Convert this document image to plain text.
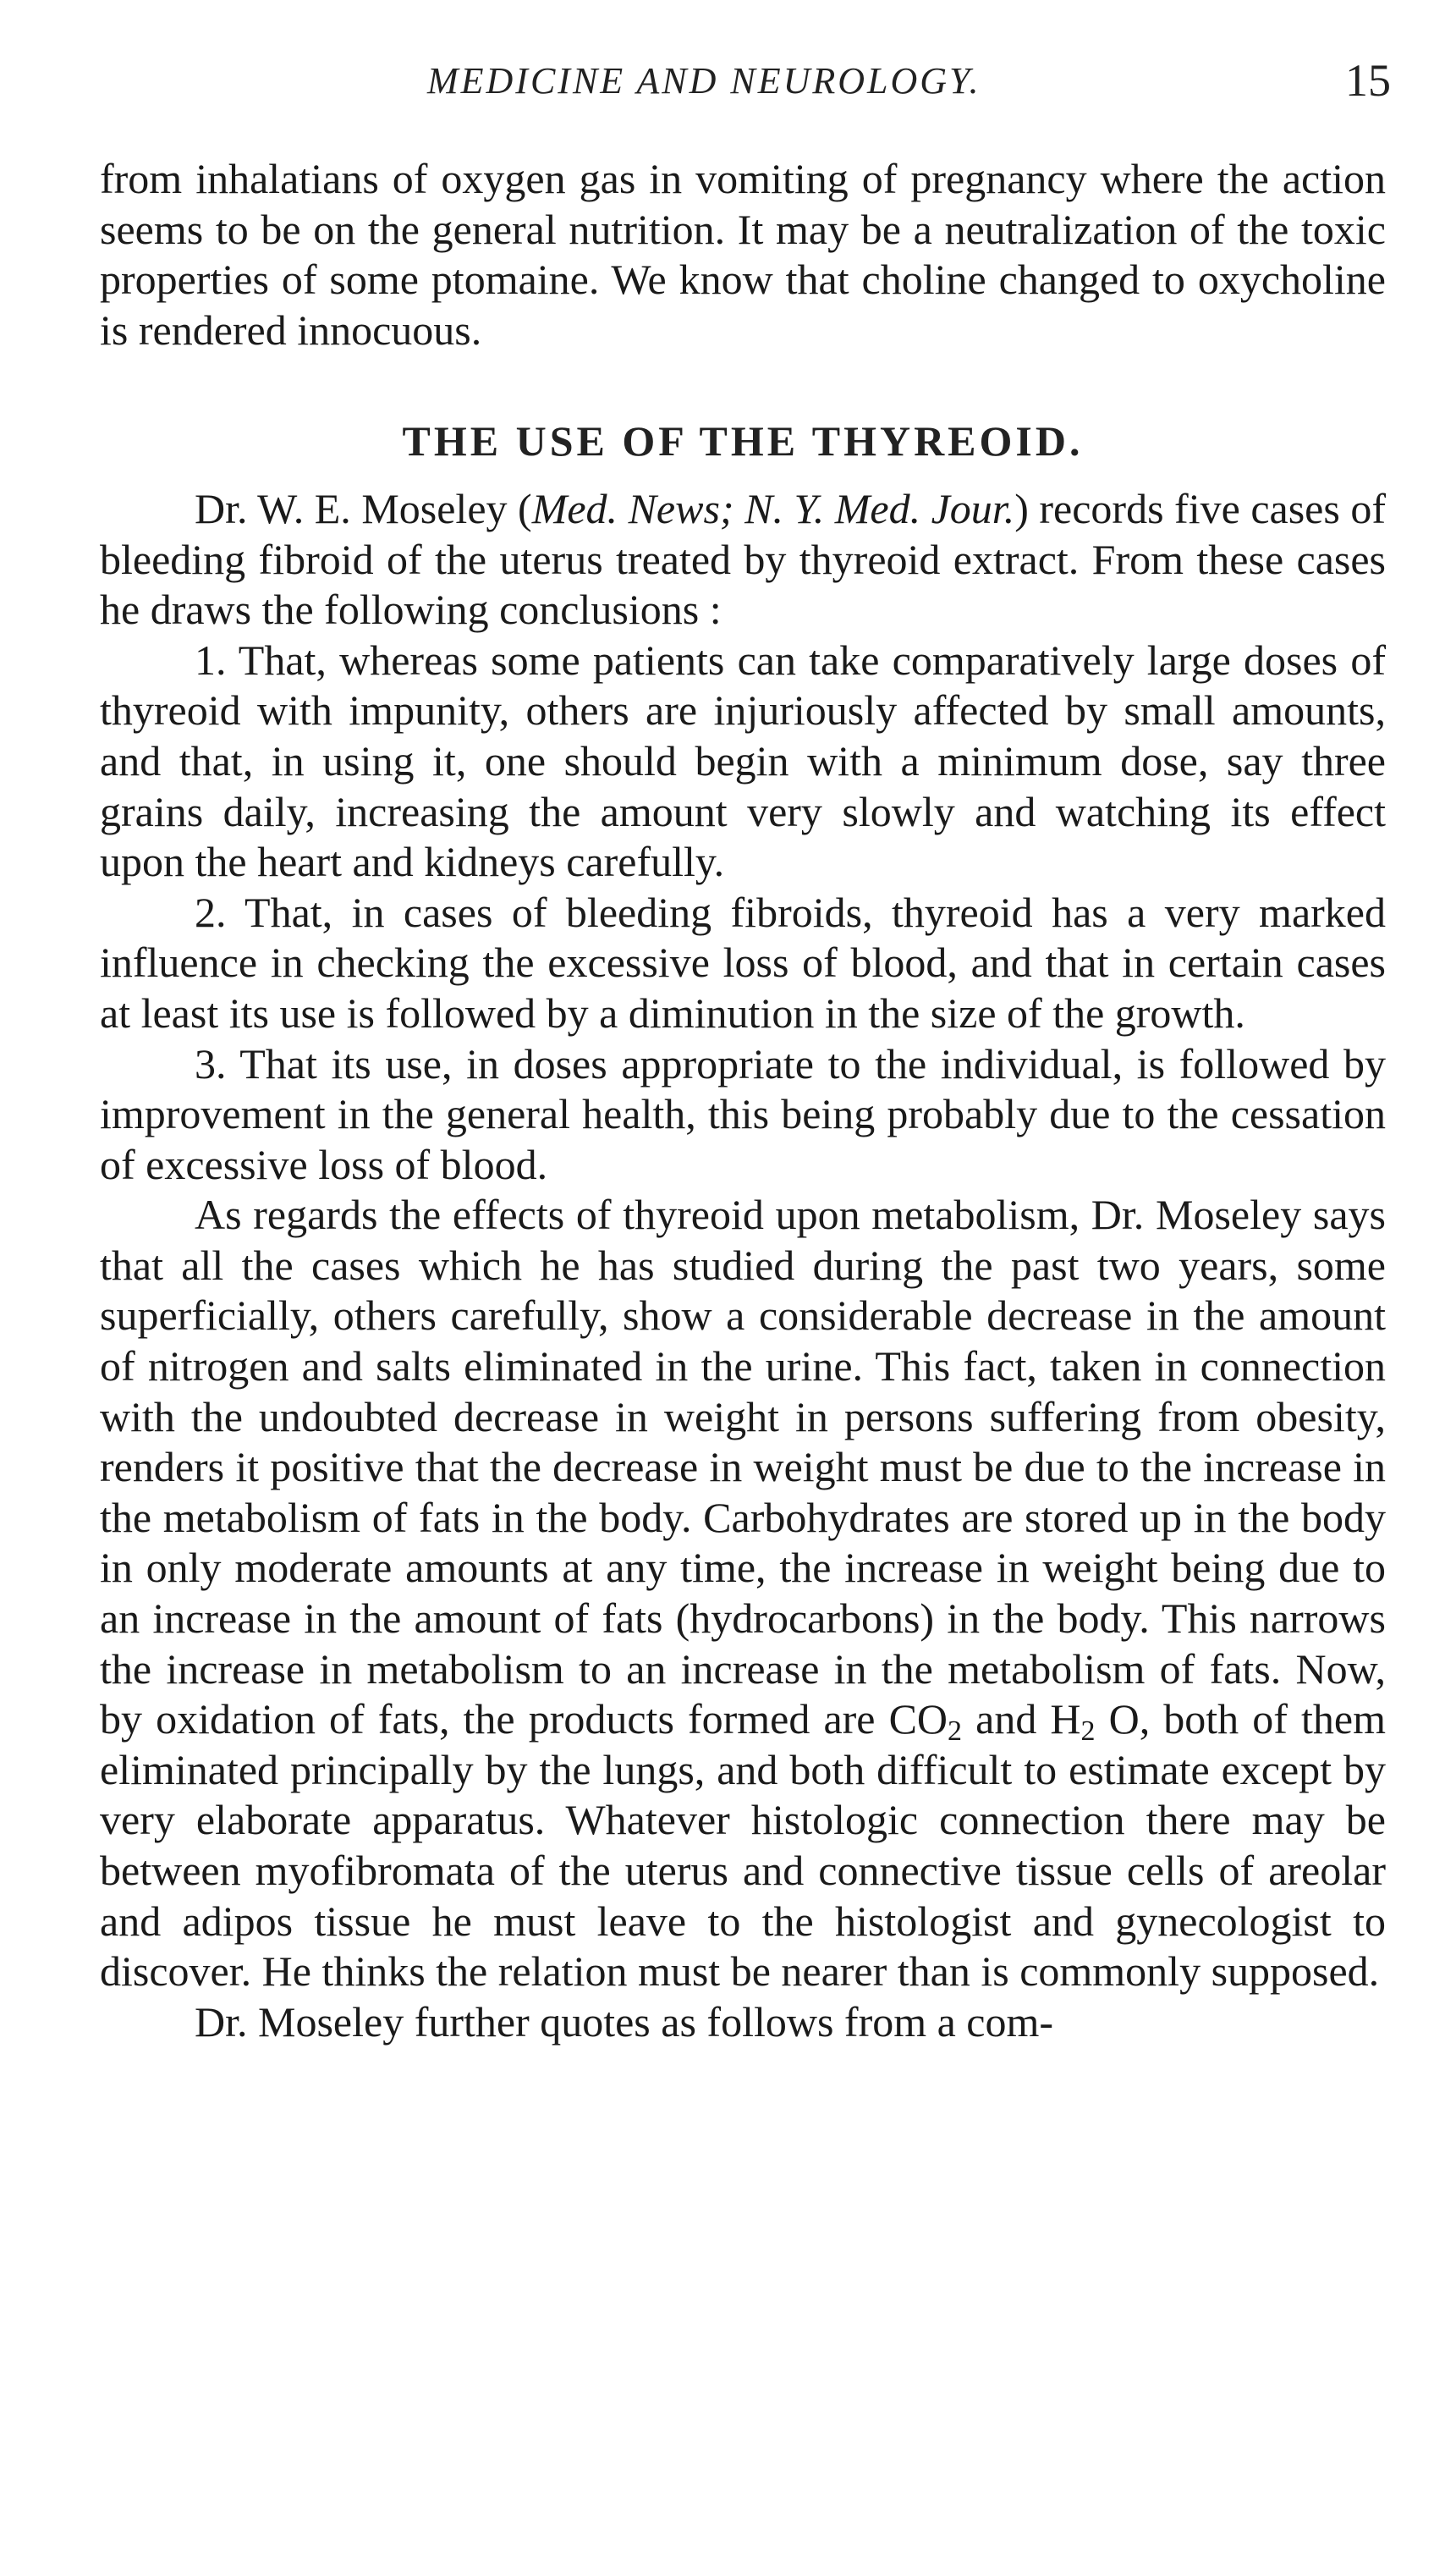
MEDICINE AND NEUROLOGY.	15

from inhalatians of oxygen gas in vomiting of pregnancy where the action seems to be on the general nutrition. It may be a neutralization of the toxic properties of some ptomaine. We know that choline changed to oxycholine is rendered innocuous.

THE USE OF THE THYREOID.

Dr. W. E. Moseley (Med. News; N. Y. Med. Jour.) records five cases of bleeding fibroid of the uterus treated by thyreoid extract. From these cases he draws the following conclusions :

1. That, whereas some patients can take comparatively large doses of thyreoid with impunity, others are injuriously affected by small amounts, and that, in using it, one should begin with a minimum dose, say three grains daily, increasing the amount very slowly and watching its effect upon the heart and kidneys carefully.

2. That, in cases of bleeding fibroids, thyreoid has a very marked influence in checking the excessive loss of blood, and that in certain cases at least its use is followed by a diminution in the size of the growth.

3. That its use, in doses appropriate to the individual, is followed by improvement in the general health, this being probably due to the cessation of excessive loss of blood.

As regards the effects of thyreoid upon metabolism, Dr. Moseley says that all the cases which he has studied during the past two years, some superficially, others carefully, show a considerable decrease in the amount of nitrogen and salts eliminated in the urine. This fact, taken in connection with the undoubted decrease in weight in persons suffering from obesity, renders it positive that the decrease in weight must be due to the increase in the metabolism of fats in the body. Carbohydrates are stored up in the body in only moderate amounts at any time, the increase in weight being due to an increase in the amount of fats (hydrocarbons) in the body. This narrows the increase in metabolism to an increase in the metabolism of fats. Now, by oxidation of fats, the products formed are $CO_2$ and $H_2$ O, both of them eliminated principally by the lungs, and both difficult to estimate except by very elaborate apparatus. Whatever histologic connection there may be between myofibromata of the uterus and connective tissue cells of areolar and adipos tissue he must leave to the histologist and gynecologist to discover. He thinks the relation must be nearer than is commonly supposed.

Dr. Moseley further quotes as follows from a com-
